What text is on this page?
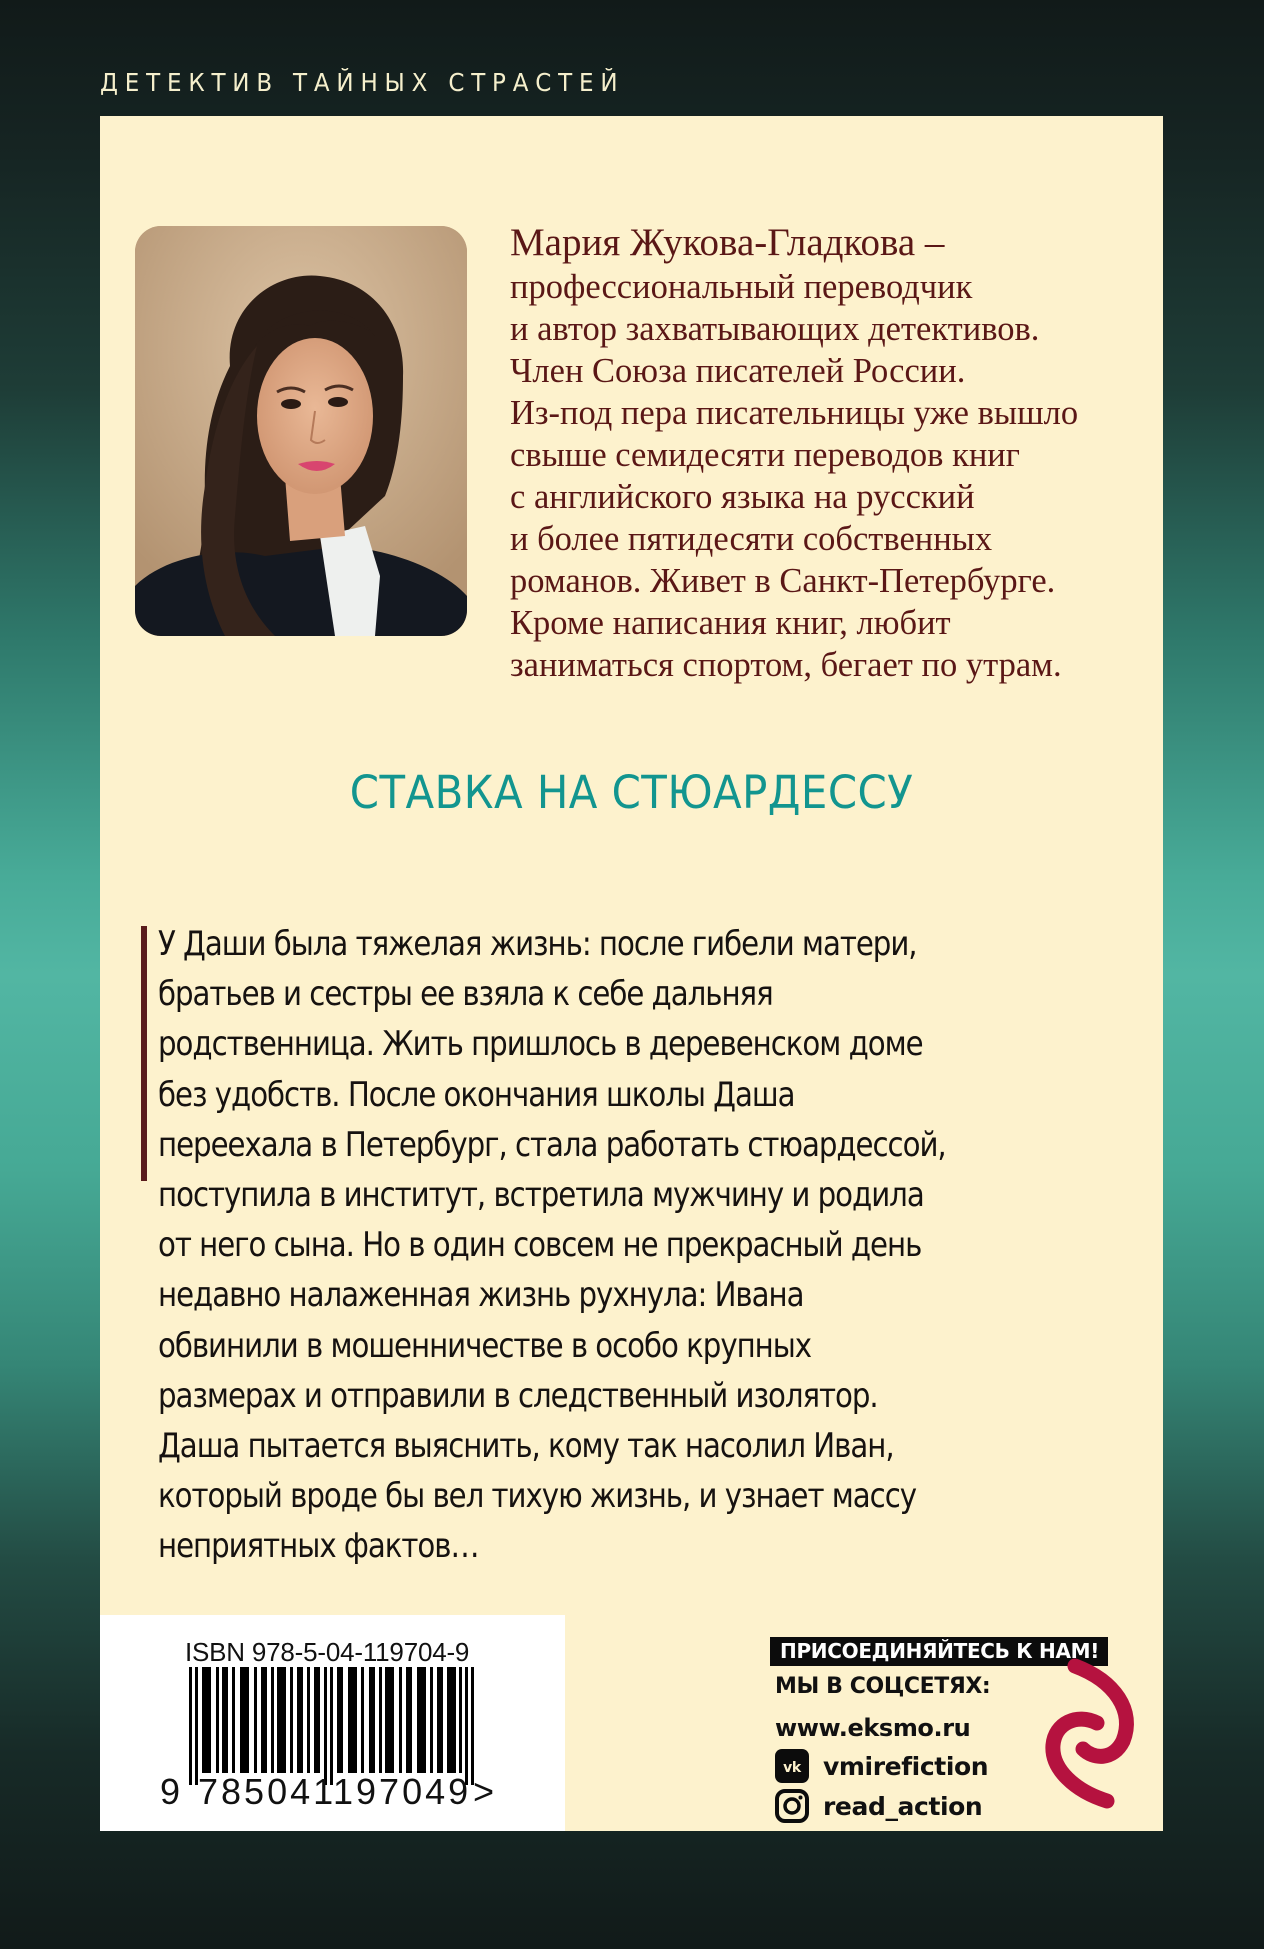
ДЕТЕКТИВ ТАЙНЫХ СТРАСТЕЙ
Мария Жукова-Гладкова –
профессиональный переводчик
и автор захватывающих детективов.
Член Союза писателей России.
Из-под пера писательницы уже вышло
свыше семидесяти переводов книг
с английского языка на русский
и более пятидесяти собственных
романов. Живет в Санкт-Петербурге.
Кроме написания книг, любит
заниматься спортом, бегает по утрам.
СТАВКА НА СТЮАРДЕССУ
У Даши была тяжелая жизнь: после гибели матери,
братьев и сестры ее взяла к себе дальняя
родственница. Жить пришлось в деревенском доме
без удобств. После окончания школы Даша
переехала в Петербург, стала работать стюардессой,
поступила в институт, встретила мужчину и родила
от него сына. Но в один совсем не прекрасный день
недавно налаженная жизнь рухнула: Ивана
обвинили в мошенничестве в особо крупных
размерах и отправили в следственный изолятор.
Даша пытается выяснить, кому так насолил Иван,
который вроде бы вел тихую жизнь, и узнает массу
неприятных фактов…
ISBN 978-5-04-119704-9
9 785041
197049 >
ПРИСОЕДИНЯЙТЕСЬ К НАМ!
МЫ В СОЦСЕТЯХ:
www.eksmo.ru
vk vmirefiction
read_action
